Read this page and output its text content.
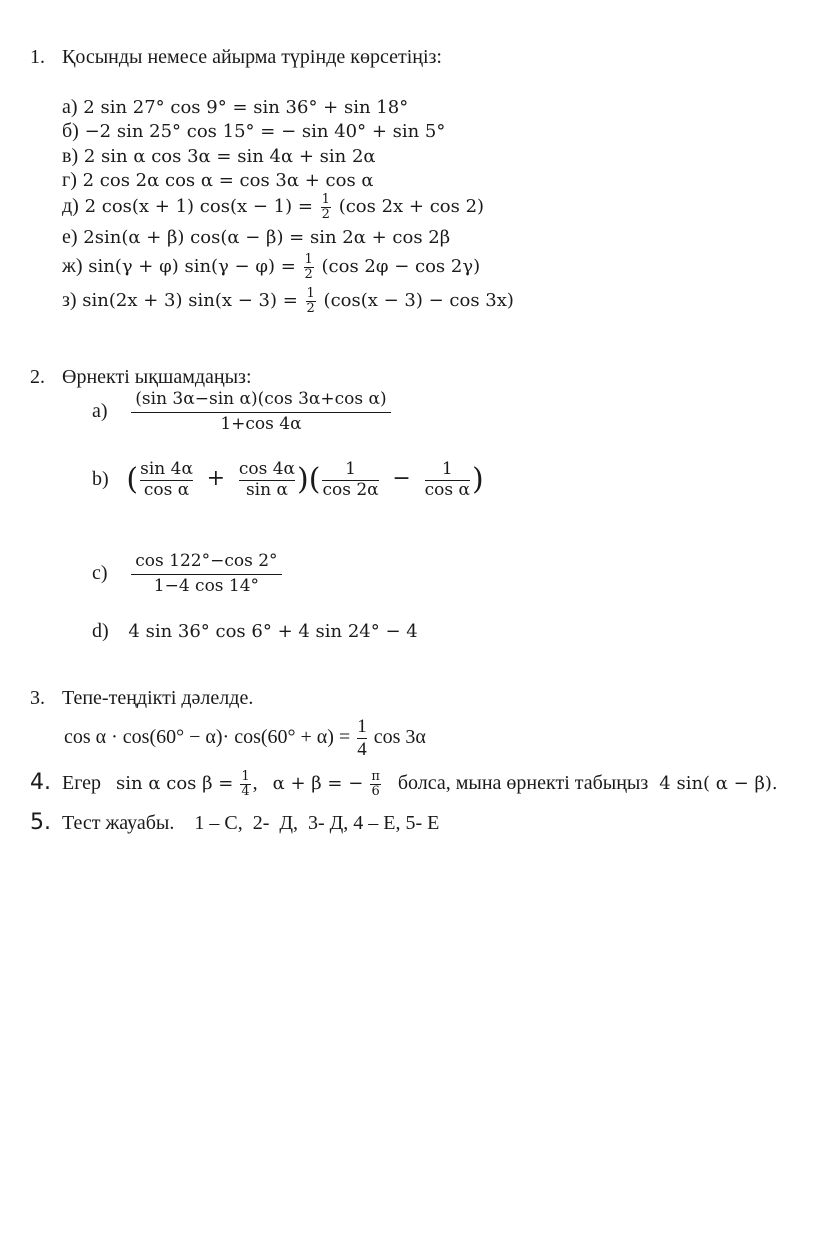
1. Қосынды немесе айырма түрінде көрсетіңіз:
а) 2 sin 27° cos 9° = sin 36° + sin 18°
б) −2 sin 25° cos 15° = − sin 40° + sin 5°
в) 2 sin α cos 3α = sin 4α + sin 2α
г) 2 cos 2α cos α = cos 3α + cos α
д) 2 cos(x + 1) $\cos(x - 1) = \frac{1}{2} (\cos$ 2x + cos 2)
е) 2sin(α + β) cos(α − β) = sin 2α + cos 2β
ж) sin(γ + φ) $\sin(\gamma - \varphi) = \frac{1}{2} (\cos$ 2φ − cos 2γ)
з) sin(2x + 3) $\sin(x - 3) = \frac{1}{2} (\cos(x - 3) - \cos 3x)$
2. Өрнекті ықшамдаңыз:
$a) \frac{\text{(sin 3α−sin α)(cos 3α+cos α)}}{1+\cos 4\alpha}$
b) ( $\frac{\sin 4\alpha}{\text{cos α}} + \frac{\cos 4\alpha}{\text{sin α}}$ )( $\frac{1}{\cos 2\alpha} - \frac{1}{\text{cos α}}$ )
$c) \frac{\cos 122^\circ-\cos 2^\circ}{1-4 \cos 14^\circ}$
d) 4 sin 36° cos 6° + 4 sin 24° − 4
3. Тепе-теңдікті дәлелде.
$\cos \alpha \cdot \cos(60^\circ - \alpha)\cdot \cos(60^\circ + \alpha) = \frac{1}{4}$ cos 3α
4. Егер sin α $\cos \beta = \frac{1}{4}$ , α + β = − $\frac{\pi}{6}$ болса, мына өрнекті табыңыз 4 sin( α − β).
5. Тест жауабы.    1 – С,  2-  Д,  3- Д, 4 – Е, 5- Е
